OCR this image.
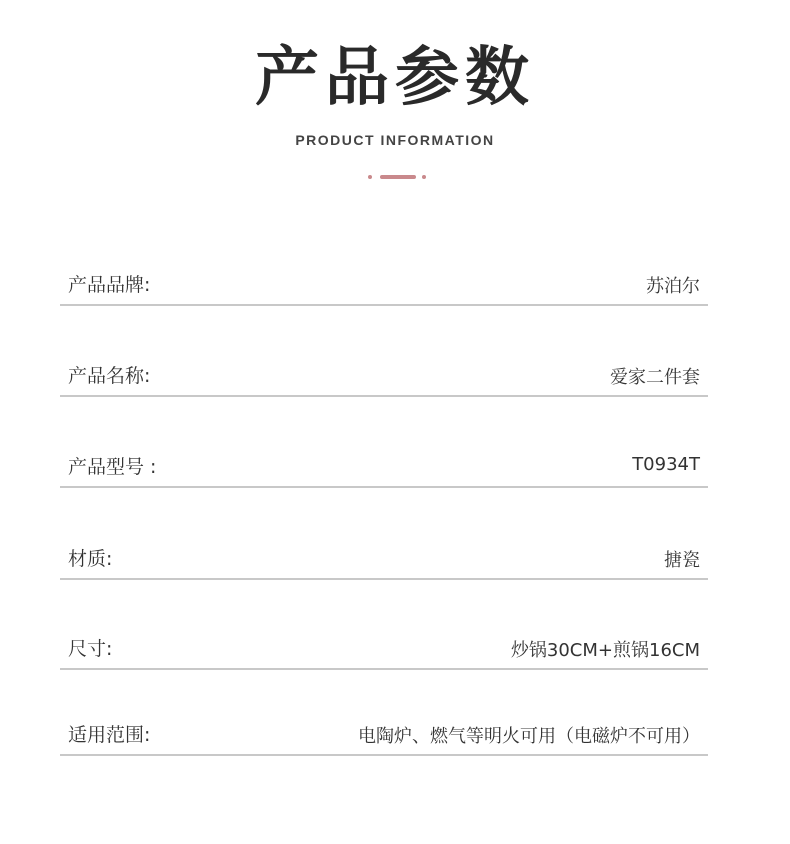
产品参数
PRODUCT INFORMATION
产品品牌:	苏泊尔
产品名称:	爱家二件套
产品型号 :	T0934T
材质:	搪瓷
尺寸:	炒锅30CM+煎锅16CM
适用范围:	电陶炉、燃气等明火可用（电磁炉不可用）
